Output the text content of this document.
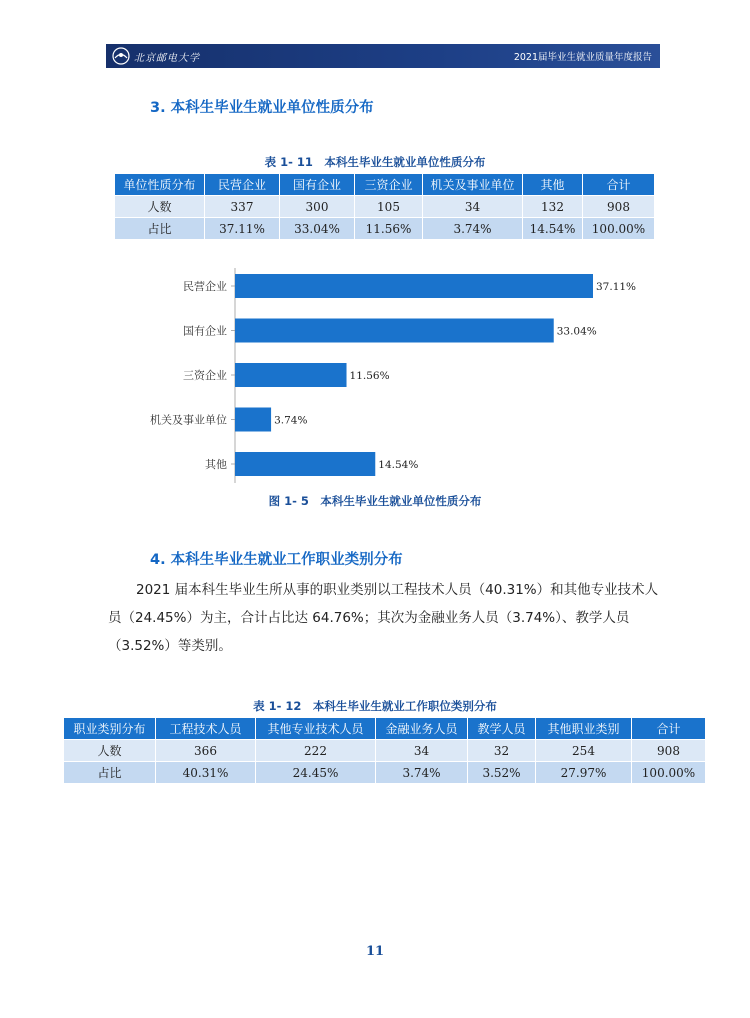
北京邮电大学	2021届毕业生就业质量年度报告
3. 本科生毕业生就业单位性质分布
表 1- 11　本科生毕业生就业单位性质分布
单位性质分布	民营企业	国有企业	三资企业	机关及事业单位	其他	合计
人数	337	300	105	34	132	908
占比	37.11%	33.04%	11.56%	3.74%	14.54%	100.00%
民营企业	37.11%
国有企业	33.04%
三资企业	11.56%
机关及事业单位	3.74%
其他	14.54%
图 1- 5　本科生毕业生就业单位性质分布
4. 本科生毕业生就业工作职业类别分布
2021 届本科生毕业生所从事的职业类别以工程技术人员（40.31%）和其他专业技术人员（24.45%）为主，合计占比达 64.76%；其次为金融业务人员（3.74%）、教学人员（3.52%）等类别。
表 1- 12　本科生毕业生就业工作职位类别分布
职业类别分布	工程技术人员	其他专业技术人员	金融业务人员	教学人员	其他职业类别	合计
人数	366	222	34	32	254	908
占比	40.31%	24.45%	3.74%	3.52%	27.97%	100.00%
11
